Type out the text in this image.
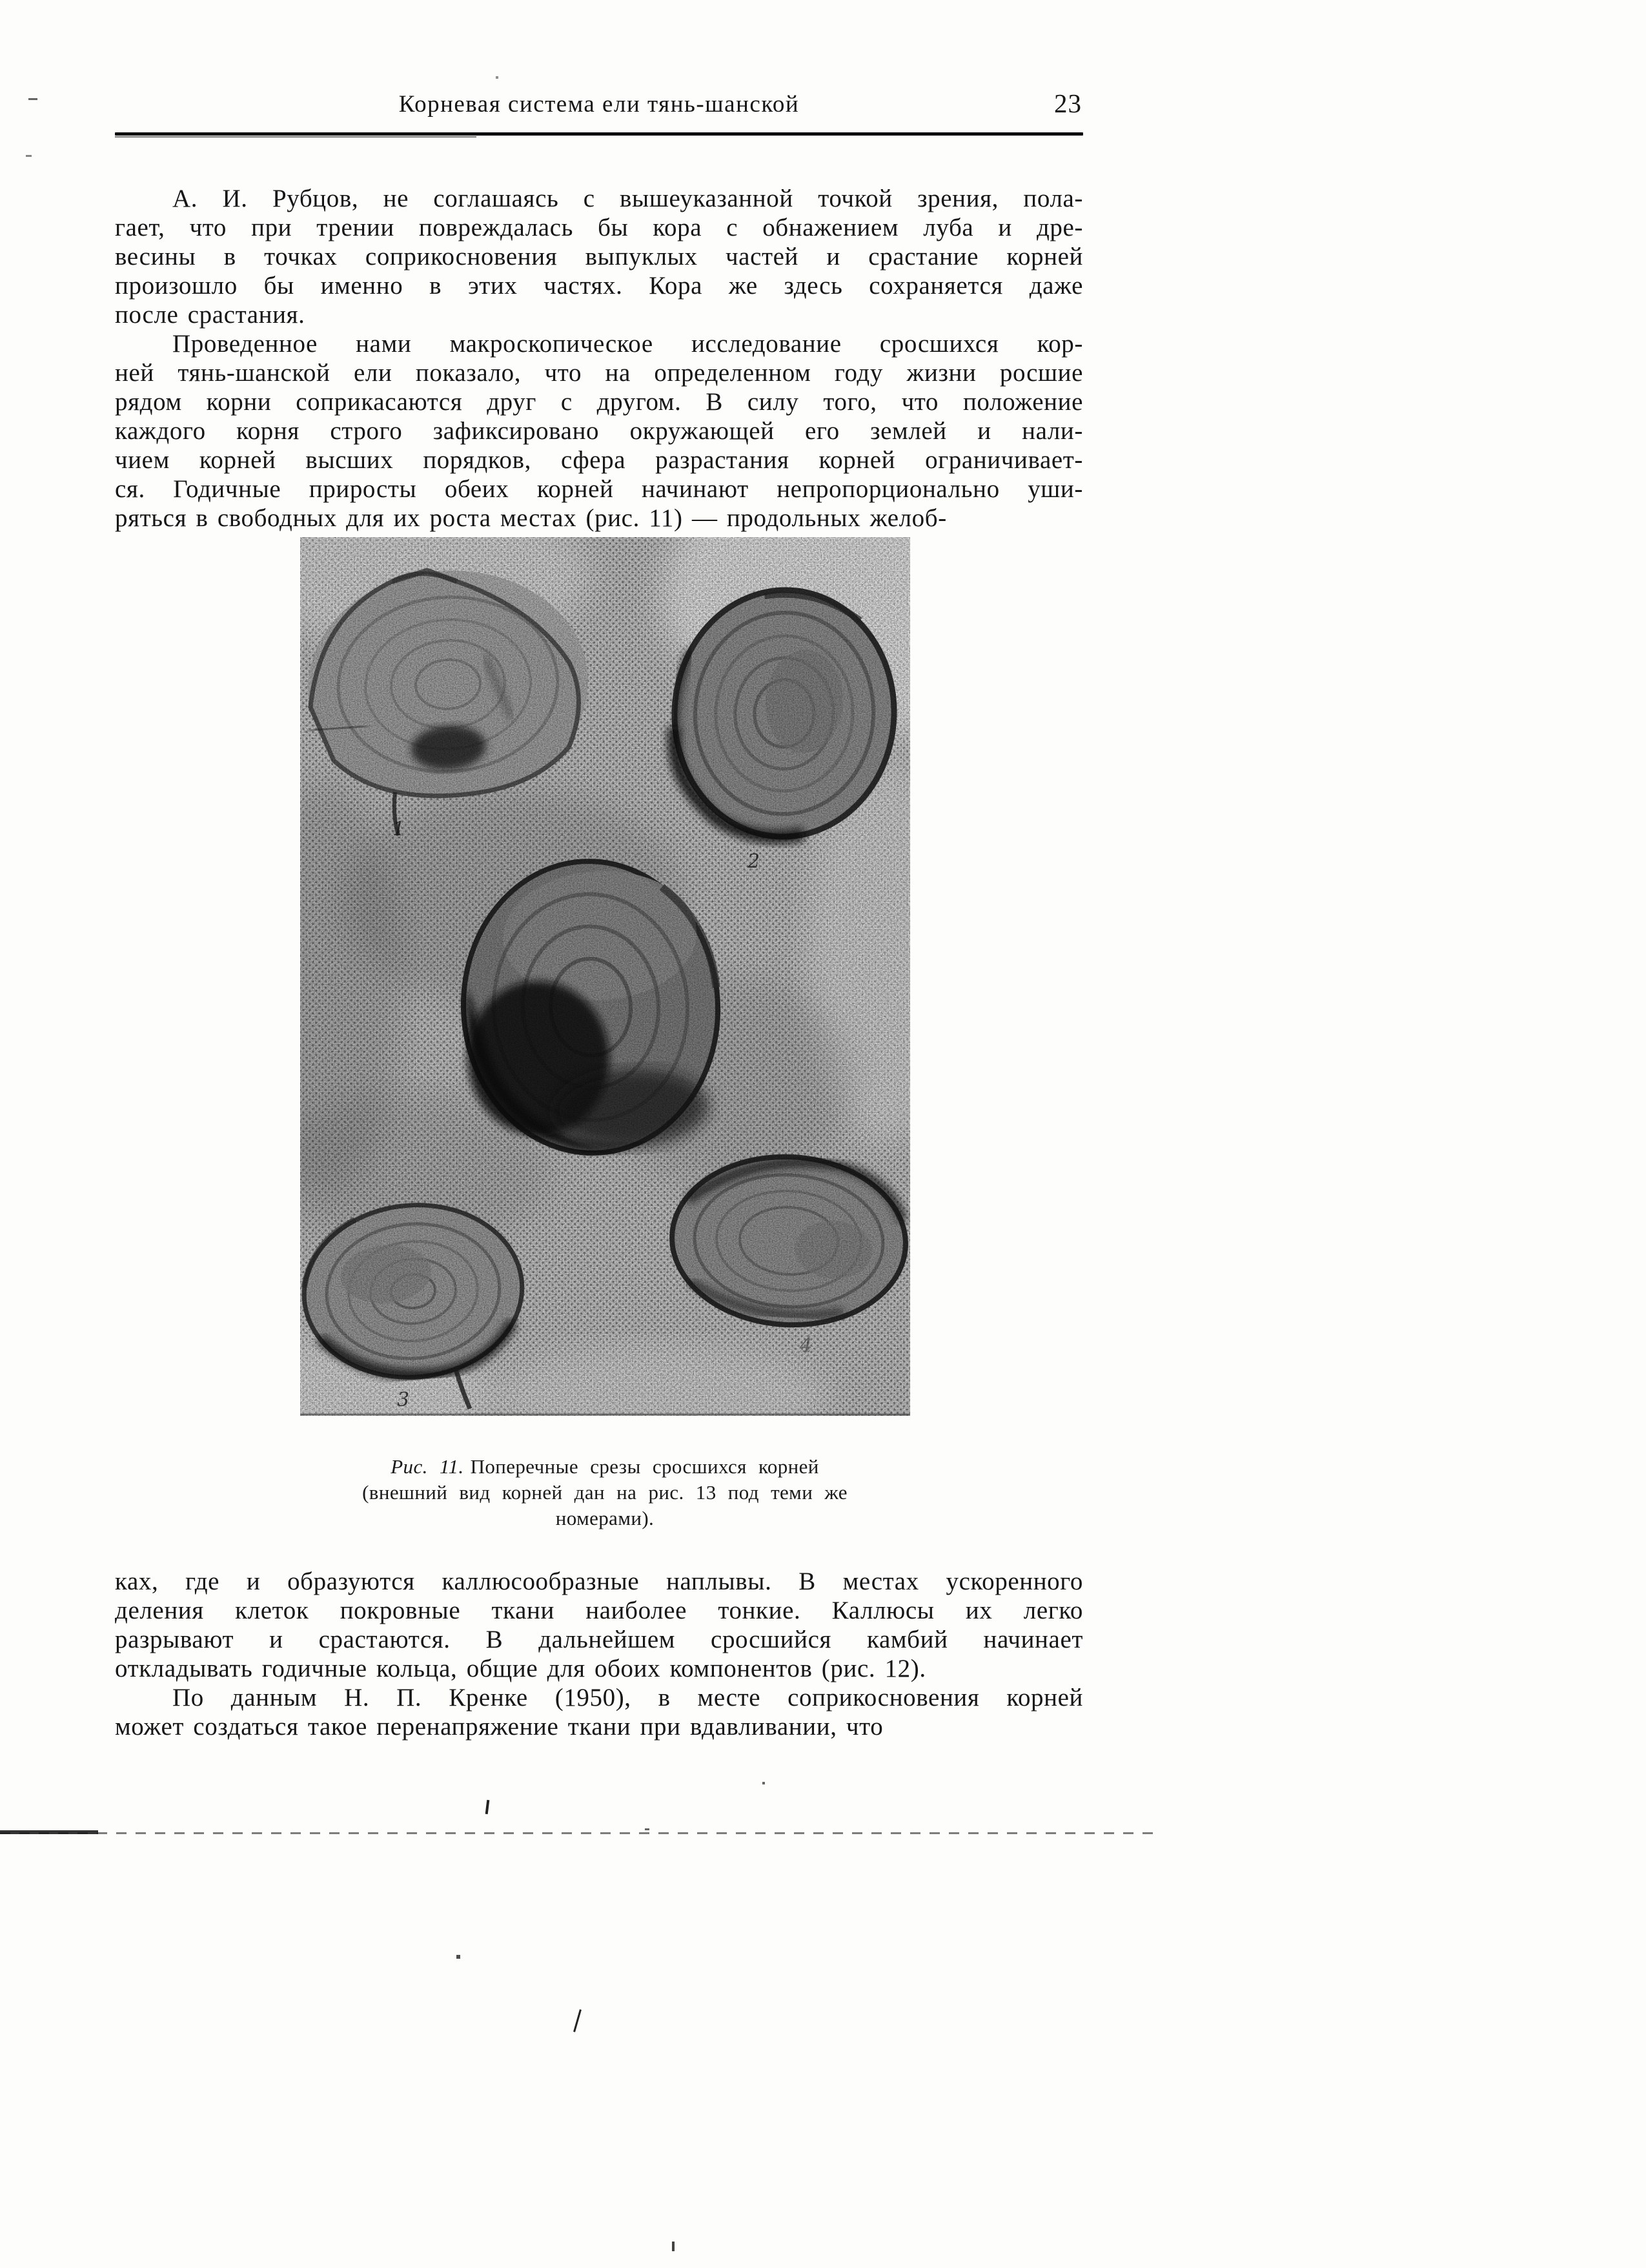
Корневая система ели тянь-шанской	23
А. И. Рубцов, не соглашаясь с вышеуказанной точкой зрения, пола-
гает, что при трении повреждалась бы кора с обнажением луба и дре-
весины в точках соприкосновения выпуклых частей и срастание корней
произошло бы именно в этих частях. Кора же здесь сохраняется даже
после срастания.
Проведенное нами макроскопическое исследование сросшихся кор-
ней тянь-шанской ели показало, что на определенном году жизни росшие
рядом корни соприкасаются друг с другом. В силу того, что положение
каждого корня строго зафиксировано окружающей его землей и нали-
чием корней высших порядков, сфера разрастания корней ограничивает-
ся. Годичные приросты обеих корней начинают непропорционально уши-
ряться в свободных для их роста местах (рис. 11) — продольных желоб-
Рис. 11. Поперечные срезы сросшихся корней
(внешний вид корней дан на рис. 13 под теми же
номерами).
ках, где и образуются каллюсообразные наплывы. В местах ускоренного
деления клеток покровные ткани наиболее тонкие. Каллюсы их легко
разрывают и срастаются. В дальнейшем сросшийся камбий начинает
откладывать годичные кольца, общие для обоих компонентов (рис. 12).
По данным Н. П. Кренке (1950), в месте соприкосновения корней
может создаться такое перенапряжение ткани при вдавливании, что
